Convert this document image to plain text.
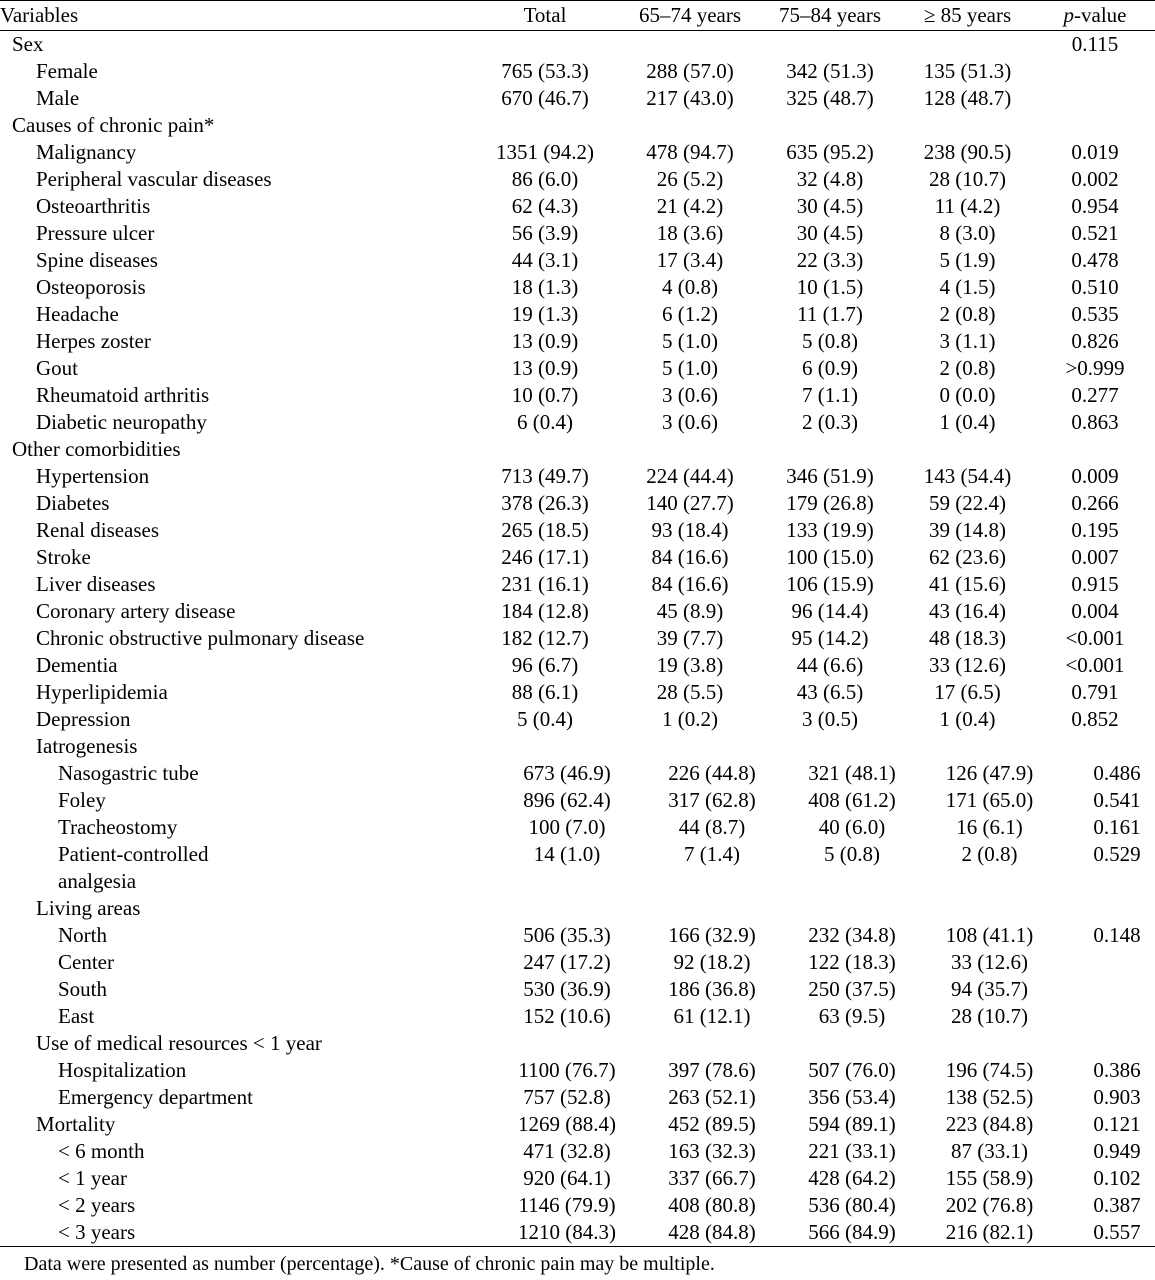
Variables	Total	65–74 years	75–84 years	≥ 85 years	p-value
Sex					0.115
Female	765 (53.3)	288 (57.0)	342 (51.3)	135 (51.3)	
Male	670 (46.7)	217 (43.0)	325 (48.7)	128 (48.7)	
Causes of chronic pain*					
Malignancy	1351 (94.2)	478 (94.7)	635 (95.2)	238 (90.5)	0.019
Peripheral vascular diseases	86 (6.0)	26 (5.2)	32 (4.8)	28 (10.7)	0.002
Osteoarthritis	62 (4.3)	21 (4.2)	30 (4.5)	11 (4.2)	0.954
Pressure ulcer	56 (3.9)	18 (3.6)	30 (4.5)	8 (3.0)	0.521
Spine diseases	44 (3.1)	17 (3.4)	22 (3.3)	5 (1.9)	0.478
Osteoporosis	18 (1.3)	4 (0.8)	10 (1.5)	4 (1.5)	0.510
Headache	19 (1.3)	6 (1.2)	11 (1.7)	2 (0.8)	0.535
Herpes zoster	13 (0.9)	5 (1.0)	5 (0.8)	3 (1.1)	0.826
Gout	13 (0.9)	5 (1.0)	6 (0.9)	2 (0.8)	>0.999
Rheumatoid arthritis	10 (0.7)	3 (0.6)	7 (1.1)	0 (0.0)	0.277
Diabetic neuropathy	6 (0.4)	3 (0.6)	2 (0.3)	1 (0.4)	0.863
Other comorbidities					
Hypertension	713 (49.7)	224 (44.4)	346 (51.9)	143 (54.4)	0.009
Diabetes	378 (26.3)	140 (27.7)	179 (26.8)	59 (22.4)	0.266
Renal diseases	265 (18.5)	93 (18.4)	133 (19.9)	39 (14.8)	0.195
Stroke	246 (17.1)	84 (16.6)	100 (15.0)	62 (23.6)	0.007
Liver diseases	231 (16.1)	84 (16.6)	106 (15.9)	41 (15.6)	0.915
Coronary artery disease	184 (12.8)	45 (8.9)	96 (14.4)	43 (16.4)	0.004
Chronic obstructive pulmonary disease	182 (12.7)	39 (7.7)	95 (14.2)	48 (18.3)	<0.001
Dementia	96 (6.7)	19 (3.8)	44 (6.6)	33 (12.6)	<0.001
Hyperlipidemia	88 (6.1)	28 (5.5)	43 (6.5)	17 (6.5)	0.791
Depression	5 (0.4)	1 (0.2)	3 (0.5)	1 (0.4)	0.852
Iatrogenesis					
Nasogastric tube	673 (46.9)	226 (44.8)	321 (48.1)	126 (47.9)	0.486
Foley	896 (62.4)	317 (62.8)	408 (61.2)	171 (65.0)	0.541
Tracheostomy	100 (7.0)	44 (8.7)	40 (6.0)	16 (6.1)	0.161
Patient-controlled	14 (1.0)	7 (1.4)	5 (0.8)	2 (0.8)	0.529
analgesia					
Living areas					
North	506 (35.3)	166 (32.9)	232 (34.8)	108 (41.1)	0.148
Center	247 (17.2)	92 (18.2)	122 (18.3)	33 (12.6)	
South	530 (36.9)	186 (36.8)	250 (37.5)	94 (35.7)	
East	152 (10.6)	61 (12.1)	63 (9.5)	28 (10.7)	
Use of medical resources < 1 year					
Hospitalization	1100 (76.7)	397 (78.6)	507 (76.0)	196 (74.5)	0.386
Emergency department	757 (52.8)	263 (52.1)	356 (53.4)	138 (52.5)	0.903
Mortality	1269 (88.4)	452 (89.5)	594 (89.1)	223 (84.8)	0.121
< 6 month	471 (32.8)	163 (32.3)	221 (33.1)	87 (33.1)	0.949
< 1 year	920 (64.1)	337 (66.7)	428 (64.2)	155 (58.9)	0.102
< 2 years	1146 (79.9)	408 (80.8)	536 (80.4)	202 (76.8)	0.387
< 3 years	1210 (84.3)	428 (84.8)	566 (84.9)	216 (82.1)	0.557
Data were presented as number (percentage). *Cause of chronic pain may be multiple.
